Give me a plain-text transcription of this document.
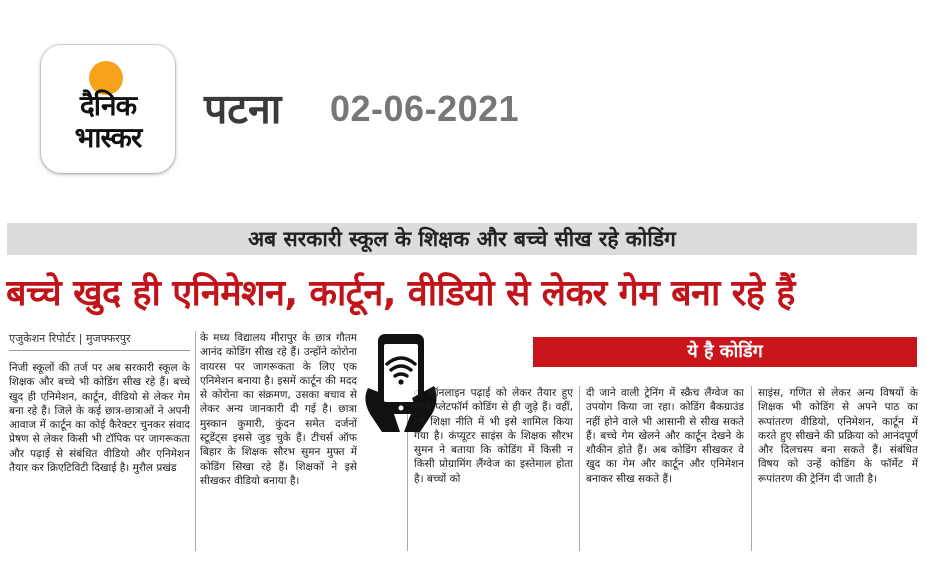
दैनिक
भास्कर
पटना 02-06-2021
अब सरकारी स्कूल के शिक्षक और बच्चे सीख रहे कोडिंग
बच्चे खुद ही एनिमेशन, कार्टून, वीडियो से लेकर गेम बना रहे हैं
एजुकेशन रिपोर्टर | मुजफ्फरपुर
निजी स्कूलों की तर्ज पर अब सरकारी स्कूल के शिक्षक और बच्चे भी कोडिंग सीख रहे हैं। बच्चे खुद ही एनिमेशन, कार्टून, वीडियो से लेकर गेम बना रहे हैं। जिले के कई छात्र-छात्राओं ने अपनी आवाज में कार्टून का कोई कैरेक्टर चुनकर संवाद प्रेषण से लेकर किसी भी टॉपिक पर जागरूकता और पढ़ाई से संबंधित वीडियो और एनिमेशन तैयार कर क्रिएटिविटी दिखाई है। मुराैल प्रखंड
के मध्य विद्यालय मीरापुर के छात्र गौतम आनंद कोडिंग सीख रहे हैं। उन्होंने कोरोना वायरस पर जागरूकता के लिए एक एनिमेशन बनाया है। इसमें कार्टून की मदद से कोरोना का संक्रमण, उसका बचाव से लेकर अन्य जानकारी दी गई है। छात्रा मुस्कान कुमारी, कुंदन समेत दर्जनों स्टूडेंट्स इससे जुड़ चुके हैं। टीचर्स ऑफ बिहार के शिक्षक सौरभ सुमन मुफ्त में कोडिंग सिखा रहे हैं। शिक्षकों ने इसे सीखकर वीडियो बनाया है।
ये है कोडिंग
ः ऑनलाइन पढ़ाई को लेकर तैयार हुए सभी प्लेटफॉर्म कोडिंग से ही जुड़े हैं। वहीं, नई शिक्षा नीति में भी इसे शामिल किया गया है। कंप्यूटर साइंस के शिक्षक सौरभ सुमन ने बताया कि कोडिंग में किसी न किसी प्रोग्रामिंग लैंग्वेज का इस्तेमाल होता है। बच्चों को
दी जाने वाली ट्रेनिंग में स्क्रैच लैंग्वेज का उपयोग किया जा रहा। कोडिंग बैकग्राउंड नहीं होने वाले भी आसानी से सीख सकते हैं। बच्चे गेम खेलने और कार्टून देखने के शौकीन होते हैं। अब कोडिंग सीखकर वे खुद का गेम और कार्टून और एनिमेशन बनाकर सीख सकते हैं।
साइंस, गणित से लेकर अन्य विषयों के शिक्षक भी कोडिंग से अपने पाठ का रूपांतरण वीडियो, एनिमेशन, कार्टून में करते हुए सीखने की प्रक्रिया को आनंदपूर्ण और दिलचस्प बना सकते हैं। संबंधित विषय को उन्हें कोडिंग के फॉर्मेट में रूपांतरण की ट्रेनिंग दी जाती है।
